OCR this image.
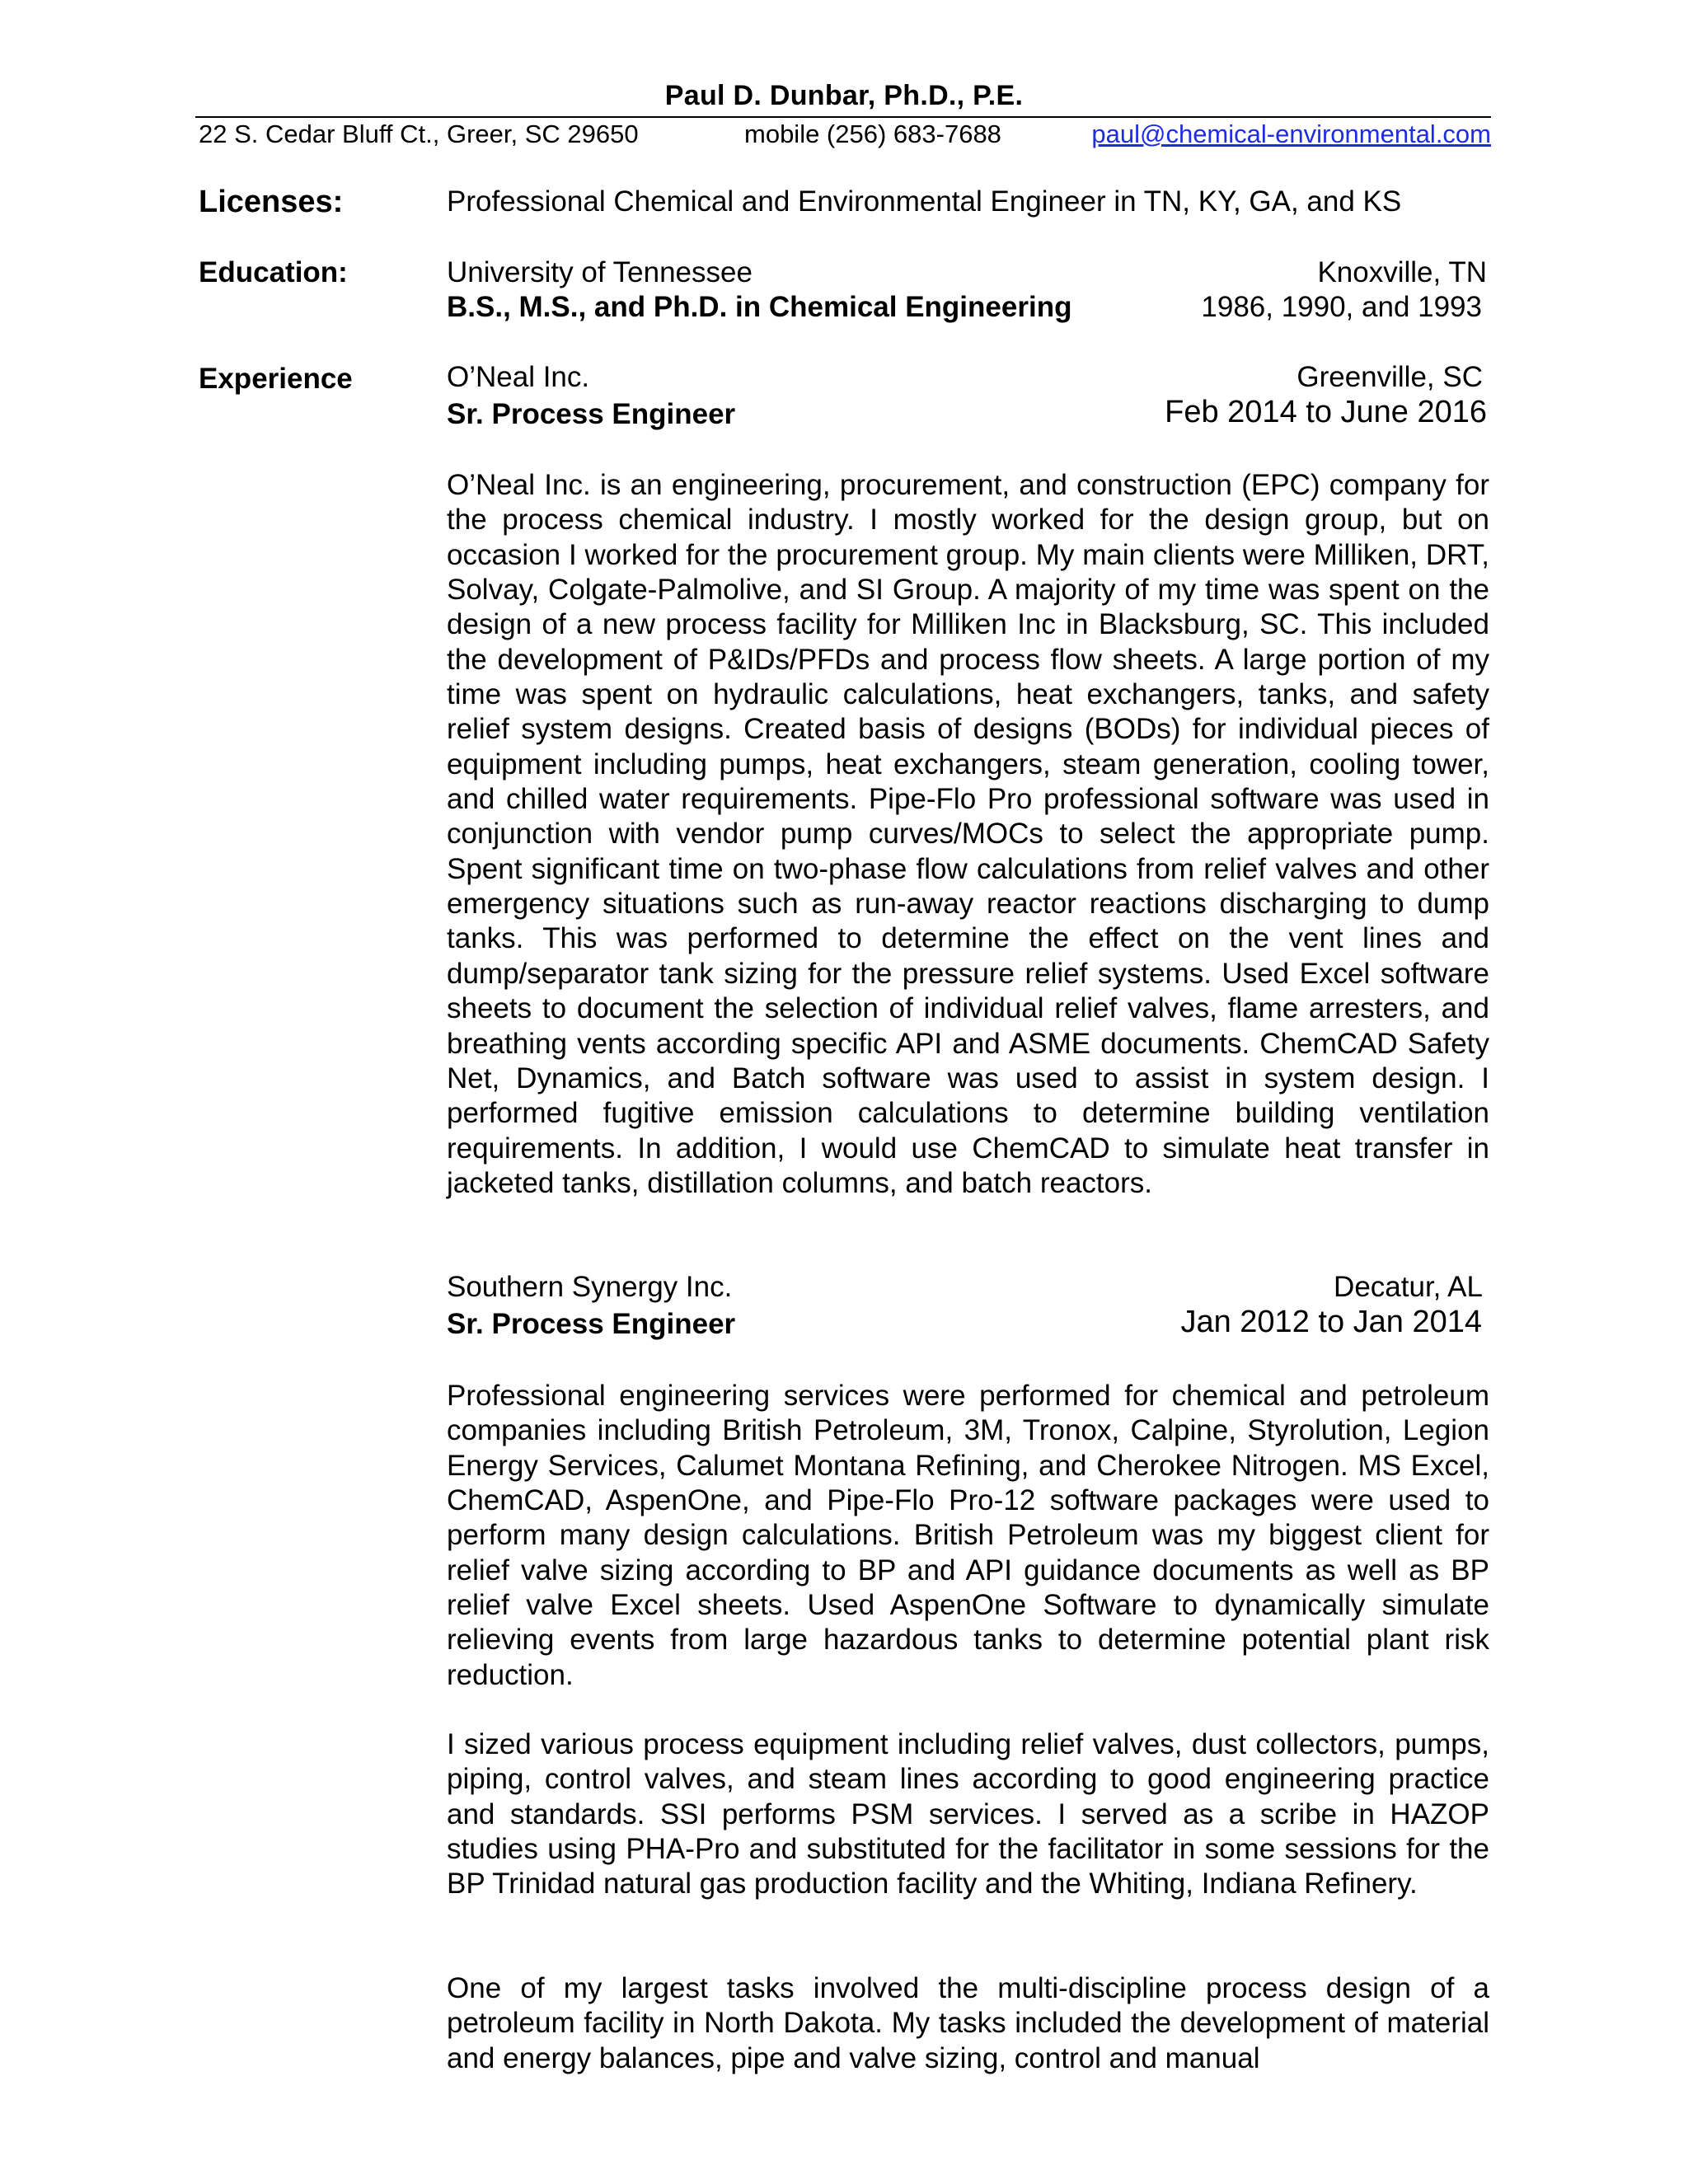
Paul D. Dunbar, Ph.D., P.E.
22 S. Cedar Bluff Ct., Greer, SC 29650	mobile (256) 683-7688	paul@chemical-environmental.com
Licenses:	Professional Chemical and Environmental Engineer in TN, KY, GA, and KS
Education:	University of Tennessee	Knoxville, TN
B.S., M.S., and Ph.D. in Chemical Engineering	1986, 1990, and 1993
Experience	O’Neal Inc.	Greenville, SC
Sr. Process Engineer	Feb 2014 to June 2016

O’Neal Inc. is an engineering, procurement, and construction (EPC) company for the process chemical industry. I mostly worked for the design group, but on occasion I worked for the procurement group. My main clients were Milliken, DRT, Solvay, Colgate-Palmolive, and SI Group. A majority of my time was spent on the design of a new process facility for Milliken Inc in Blacksburg, SC. This included the development of P&IDs/PFDs and process flow sheets. A large portion of my time was spent on hydraulic calculations, heat exchangers, tanks, and safety relief system designs. Created basis of designs (BODs) for individual pieces of equipment including pumps, heat exchangers, steam generation, cooling tower, and chilled water requirements. Pipe-Flo Pro professional software was used in conjunction with vendor pump curves/MOCs to select the appropriate pump. Spent significant time on two-phase flow calculations from relief valves and other emergency situations such as run-away reactor reactions discharging to dump tanks. This was performed to determine the effect on the vent lines and dump/separator tank sizing for the pressure relief systems. Used Excel software sheets to document the selection of individual relief valves, flame arresters, and breathing vents according specific API and ASME documents. ChemCAD Safety Net, Dynamics, and Batch software was used to assist in system design. I performed fugitive emission calculations to determine building ventilation requirements. In addition, I would use ChemCAD to simulate heat transfer in jacketed tanks, distillation columns, and batch reactors.

Southern Synergy Inc.	Decatur, AL
Sr. Process Engineer	Jan 2012 to Jan 2014

Professional engineering services were performed for chemical and petroleum companies including British Petroleum, 3M, Tronox, Calpine, Styrolution, Legion Energy Services, Calumet Montana Refining, and Cherokee Nitrogen. MS Excel, ChemCAD, AspenOne, and Pipe-Flo Pro-12 software packages were used to perform many design calculations. British Petroleum was my biggest client for relief valve sizing according to BP and API guidance documents as well as BP relief valve Excel sheets. Used AspenOne Software to dynamically simulate relieving events from large hazardous tanks to determine potential plant risk reduction.

I sized various process equipment including relief valves, dust collectors, pumps, piping, control valves, and steam lines according to good engineering practice and standards. SSI performs PSM services. I served as a scribe in HAZOP studies using PHA-Pro and substituted for the facilitator in some sessions for the BP Trinidad natural gas production facility and the Whiting, Indiana Refinery.

One of my largest tasks involved the multi-discipline process design of a petroleum facility in North Dakota. My tasks included the development of material and energy balances, pipe and valve sizing, control and manual
